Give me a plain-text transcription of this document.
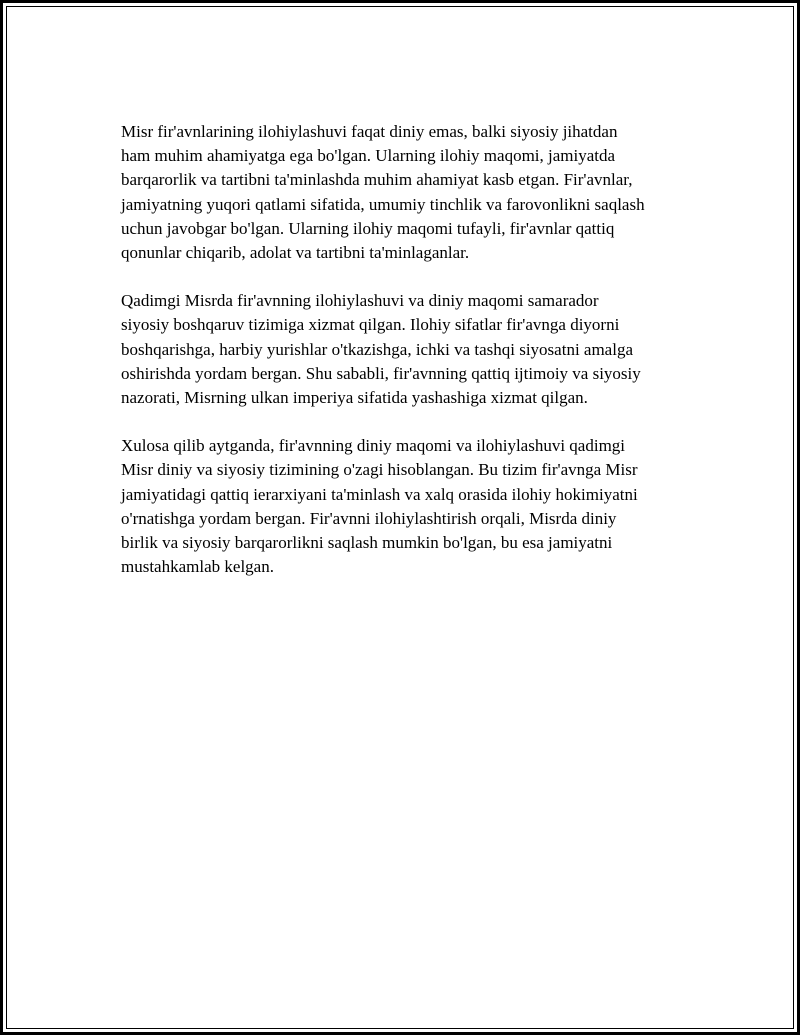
Misr fir'avnlarining ilohiylashuvi faqat diniy emas, balki siyosiy jihatdan
ham muhim ahamiyatga ega bo'lgan. Ularning ilohiy maqomi, jamiyatda
barqarorlik va tartibni ta'minlashda muhim ahamiyat kasb etgan. Fir'avnlar,
jamiyatning yuqori qatlami sifatida, umumiy tinchlik va farovonlikni saqlash
uchun javobgar bo'lgan. Ularning ilohiy maqomi tufayli, fir'avnlar qattiq
qonunlar chiqarib, adolat va tartibni ta'minlaganlar.

Qadimgi Misrda fir'avnning ilohiylashuvi va diniy maqomi samarador
siyosiy boshqaruv tizimiga xizmat qilgan. Ilohiy sifatlar fir'avnga diyorni
boshqarishga, harbiy yurishlar o'tkazishga, ichki va tashqi siyosatni amalga
oshirishda yordam bergan. Shu sababli, fir'avnning qattiq ijtimoiy va siyosiy
nazorati, Misrning ulkan imperiya sifatida yashashiga xizmat qilgan.

Xulosa qilib aytganda, fir'avnning diniy maqomi va ilohiylashuvi qadimgi
Misr diniy va siyosiy tizimining o'zagi hisoblangan. Bu tizim fir'avnga Misr
jamiyatidagi qattiq ierarxiyani ta'minlash va xalq orasida ilohiy hokimiyatni
o'rnatishga yordam bergan. Fir'avnni ilohiylashtirish orqali, Misrda diniy
birlik va siyosiy barqarorlikni saqlash mumkin bo'lgan, bu esa jamiyatni
mustahkamlab kelgan.
